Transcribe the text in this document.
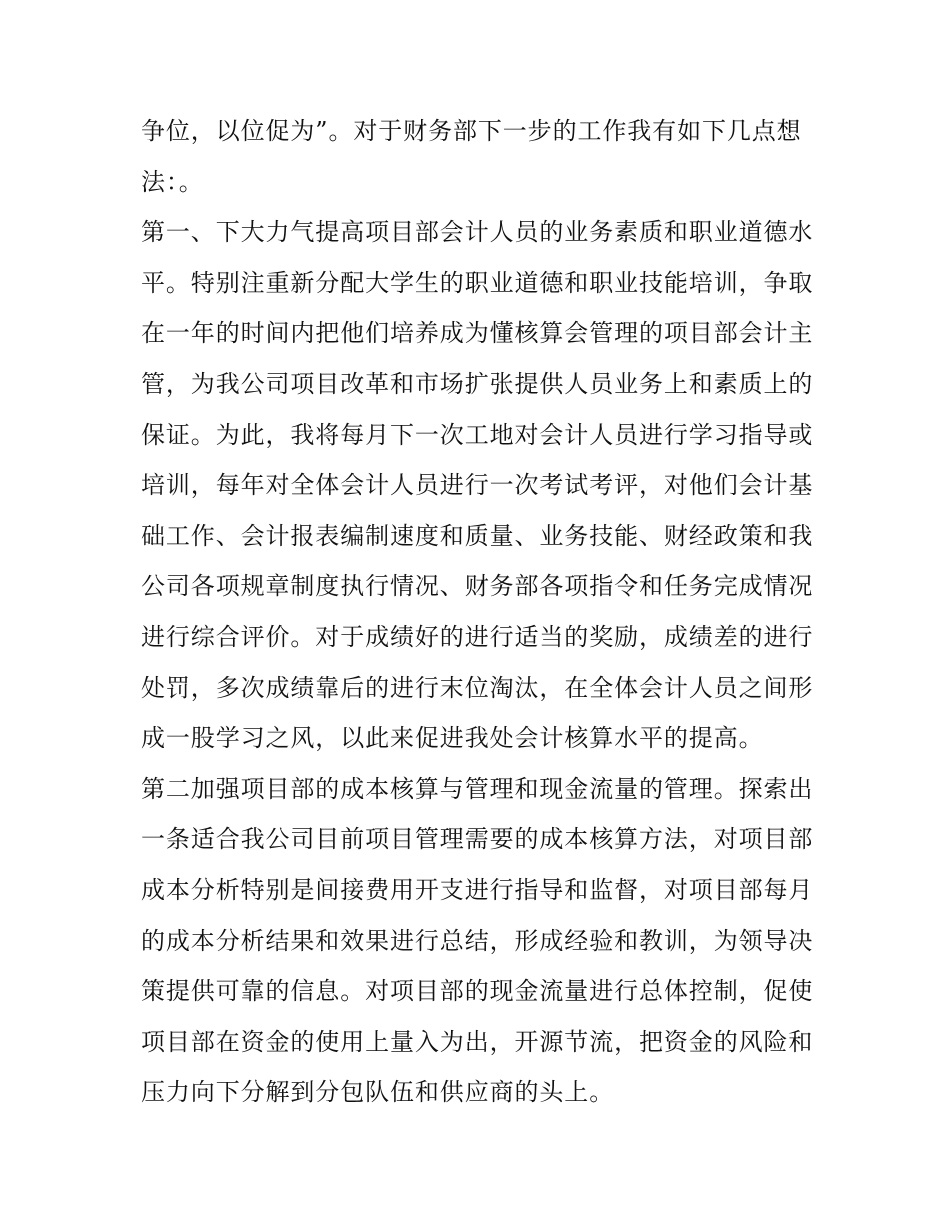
争位，以位促为”。对于财务部下一步的工作我有如下几点想
法：。
第一、下大力气提高项目部会计人员的业务素质和职业道德水
平。特别注重新分配大学生的职业道德和职业技能培训，争取
在一年的时间内把他们培养成为懂核算会管理的项目部会计主
管，为我公司项目改革和市场扩张提供人员业务上和素质上的
保证。为此，我将每月下一次工地对会计人员进行学习指导或
培训，每年对全体会计人员进行一次考试考评，对他们会计基
础工作、会计报表编制速度和质量、业务技能、财经政策和我
公司各项规章制度执行情况、财务部各项指令和任务完成情况
进行综合评价。对于成绩好的进行适当的奖励，成绩差的进行
处罚，多次成绩靠后的进行末位淘汰，在全体会计人员之间形
成一股学习之风，以此来促进我处会计核算水平的提高。
第二加强项目部的成本核算与管理和现金流量的管理。探索出
一条适合我公司目前项目管理需要的成本核算方法，对项目部
成本分析特别是间接费用开支进行指导和监督，对项目部每月
的成本分析结果和效果进行总结，形成经验和教训，为领导决
策提供可靠的信息。对项目部的现金流量进行总体控制，促使
项目部在资金的使用上量入为出，开源节流，把资金的风险和
压力向下分解到分包队伍和供应商的头上。
